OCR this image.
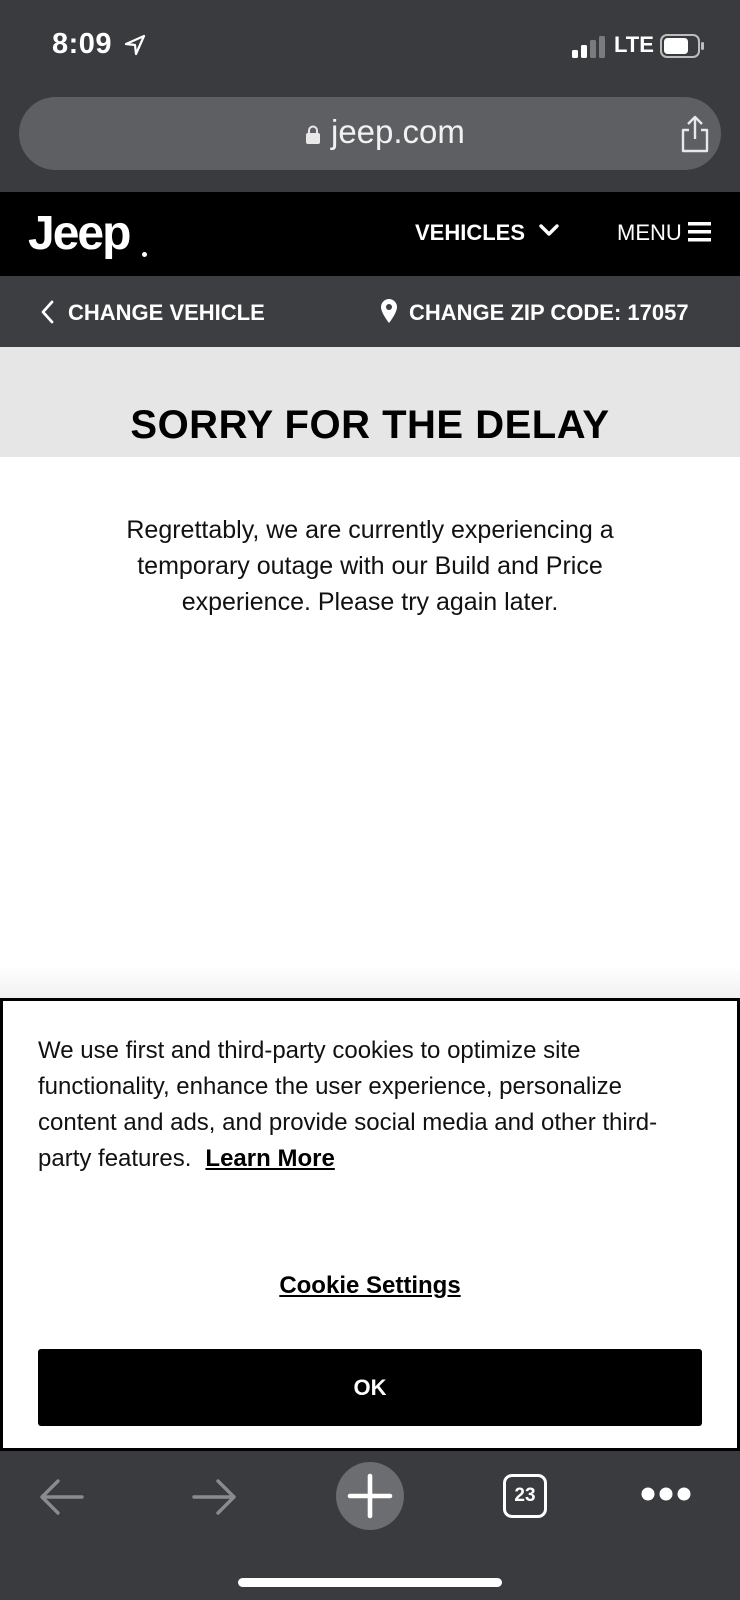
8:09	LTE
jeep.com
Jeep	VEHICLES	MENU
CHANGE VEHICLE	CHANGE ZIP CODE: 17057
SORRY FOR THE DELAY

Regrettably, we are currently experiencing a temporary outage with our Build and Price experience. Please try again later.

We use first and third-party cookies to optimize site functionality, enhance the user experience, personalize content and ads, and provide social media and other third-party features. Learn More

Cookie Settings
OK
23
